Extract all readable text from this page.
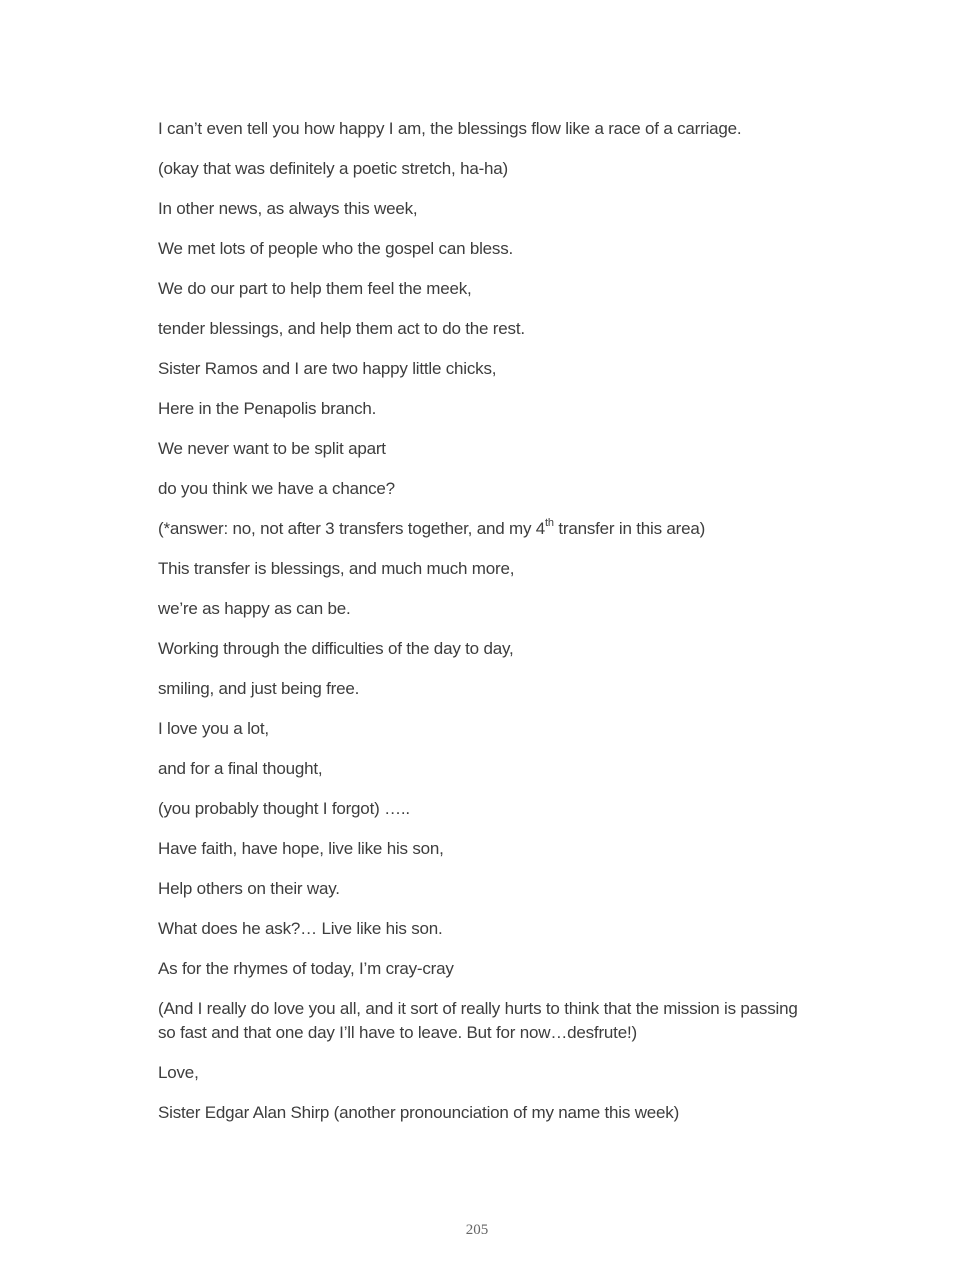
I can’t even tell you how happy I am, the blessings flow like a race of a carriage.

(okay that was definitely a poetic stretch, ha-ha)

In other news, as always this week,

We met lots of people who the gospel can bless.

We do our part to help them feel the meek,

tender blessings, and help them act to do the rest.

Sister Ramos and I are two happy little chicks,

Here in the Penapolis branch.

We never want to be split apart

do you think we have a chance?

(*answer: no, not after 3 transfers together, and my 4th transfer in this area)

This transfer is blessings, and much much more,

we’re as happy as can be.

Working through the difficulties of the day to day,

smiling, and just being free.

I love you a lot,

and for a final thought,

(you probably thought I forgot) …..

Have faith, have hope, live like his son,

Help others on their way.

What does he ask?… Live like his son.

As for the rhymes of today, I’m cray-cray

(And I really do love you all, and it sort of really hurts to think that the mission is passing so fast and that one day I’ll have to leave. But for now…desfrute!)

Love,

Sister Edgar Alan Shirp (another pronounciation of my name this week)

205
